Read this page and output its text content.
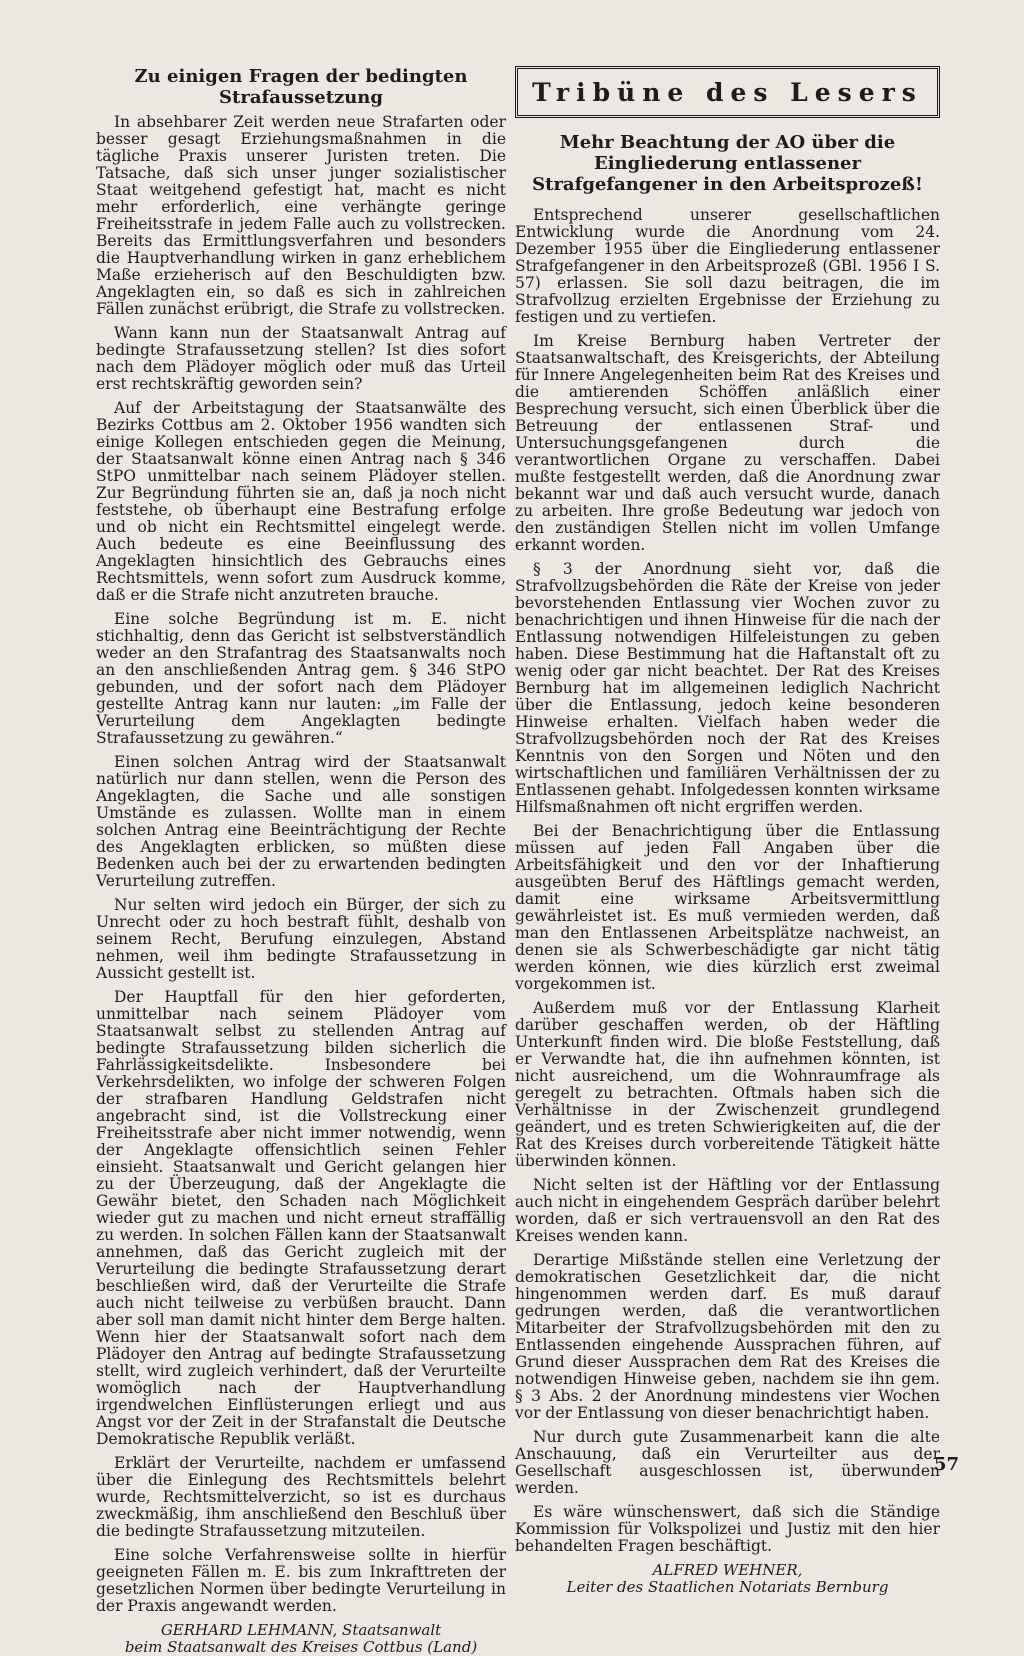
Zu einigen Fragen der bedingten Strafaussetzung

In absehbarer Zeit werden neue Strafarten oder besser gesagt Erziehungsmaßnahmen in die tägliche Praxis unserer Juristen treten. Die Tatsache, daß sich unser junger sozialistischer Staat weitgehend gefestigt hat, macht es nicht mehr erforderlich, eine verhängte geringe Freiheitsstrafe in jedem Falle auch zu vollstrecken. Bereits das Ermittlungsverfahren und besonders die Hauptverhandlung wirken in ganz erheblichem Maße erzieherisch auf den Beschuldigten bzw. Angeklagten ein, so daß es sich in zahlreichen Fällen zunächst erübrigt, die Strafe zu vollstrecken.

Wann kann nun der Staatsanwalt Antrag auf bedingte Strafaussetzung stellen? Ist dies sofort nach dem Plädoyer möglich oder muß das Urteil erst rechtskräftig geworden sein?

Auf der Arbeitstagung der Staatsanwälte des Bezirks Cottbus am 2. Oktober 1956 wandten sich einige Kollegen entschieden gegen die Meinung, der Staatsanwalt könne einen Antrag nach § 346 StPO unmittelbar nach seinem Plädoyer stellen. Zur Begründung führten sie an, daß ja noch nicht feststehe, ob überhaupt eine Bestrafung erfolge und ob nicht ein Rechtsmittel eingelegt werde. Auch bedeute es eine Beeinflussung des Angeklagten hinsichtlich des Gebrauchs eines Rechtsmittels, wenn sofort zum Ausdruck komme, daß er die Strafe nicht anzutreten brauche.

Eine solche Begründung ist m. E. nicht stichhaltig, denn das Gericht ist selbstverständlich weder an den Strafantrag des Staatsanwalts noch an den anschließenden Antrag gem. § 346 StPO gebunden, und der sofort nach dem Plädoyer gestellte Antrag kann nur lauten: „im Falle der Verurteilung dem Angeklagten bedingte Strafaussetzung zu gewähren.“

Einen solchen Antrag wird der Staatsanwalt natürlich nur dann stellen, wenn die Person des Angeklagten, die Sache und alle sonstigen Umstände es zulassen. Wollte man in einem solchen Antrag eine Beeinträchtigung der Rechte des Angeklagten erblicken, so müßten diese Bedenken auch bei der zu erwartenden bedingten Verurteilung zutreffen.

Nur selten wird jedoch ein Bürger, der sich zu Unrecht oder zu hoch bestraft fühlt, deshalb von seinem Recht, Berufung einzulegen, Abstand nehmen, weil ihm bedingte Strafaussetzung in Aussicht gestellt ist.

Der Hauptfall für den hier geforderten, unmittelbar nach seinem Plädoyer vom Staatsanwalt selbst zu stellenden Antrag auf bedingte Strafaussetzung bilden sicherlich die Fahrlässigkeitsdelikte. Insbesondere bei Verkehrsdelikten, wo infolge der schweren Folgen der strafbaren Handlung Geldstrafen nicht angebracht sind, ist die Vollstreckung einer Freiheitsstrafe aber nicht immer notwendig, wenn der Angeklagte offensichtlich seinen Fehler einsieht. Staatsanwalt und Gericht gelangen hier zu der Überzeugung, daß der Angeklagte die Gewähr bietet, den Schaden nach Möglichkeit wieder gut zu machen und nicht erneut straffällig zu werden. In solchen Fällen kann der Staatsanwalt annehmen, daß das Gericht zugleich mit der Verurteilung die bedingte Strafaussetzung derart beschließen wird, daß der Verurteilte die Strafe auch nicht teilweise zu verbüßen braucht. Dann aber soll man damit nicht hinter dem Berge halten. Wenn hier der Staatsanwalt sofort nach dem Plädoyer den Antrag auf bedingte Strafaussetzung stellt, wird zugleich verhindert, daß der Verurteilte womöglich nach der Hauptverhandlung irgendwelchen Einflüsterungen erliegt und aus Angst vor der Zeit in der Strafanstalt die Deutsche Demokratische Republik verläßt.

Erklärt der Verurteilte, nachdem er umfassend über die Einlegung des Rechtsmittels belehrt wurde, Rechtsmittelverzicht, so ist es durchaus zweckmäßig, ihm anschließend den Beschluß über die bedingte Strafaussetzung mitzuteilen.

Eine solche Verfahrensweise sollte in hierfür geeigneten Fällen m. E. bis zum Inkrafttreten der gesetzlichen Normen über bedingte Verurteilung in der Praxis angewandt werden.

GERHARD LEHMANN, Staatsanwalt
beim Staatsanwalt des Kreises Cottbus (Land)
Tribüne des Lesers
Mehr Beachtung der AO über die Eingliederung entlassener Strafgefangener in den Arbeitsprozeß!

Entsprechend unserer gesellschaftlichen Entwicklung wurde die Anordnung vom 24. Dezember 1955 über die Eingliederung entlassener Strafgefangener in den Arbeitsprozeß (GBl. 1956 I S. 57) erlassen. Sie soll dazu beitragen, die im Strafvollzug erzielten Ergebnisse der Erziehung zu festigen und zu vertiefen.

Im Kreise Bernburg haben Vertreter der Staatsanwaltschaft, des Kreisgerichts, der Abteilung für Innere Angelegenheiten beim Rat des Kreises und die amtierenden Schöffen anläßlich einer Besprechung versucht, sich einen Überblick über die Betreuung der entlassenen Straf- und Untersuchungsgefangenen durch die verantwortlichen Organe zu verschaffen. Dabei mußte festgestellt werden, daß die Anordnung zwar bekannt war und daß auch versucht wurde, danach zu arbeiten. Ihre große Bedeutung war jedoch von den zuständigen Stellen nicht im vollen Umfange erkannt worden.

§ 3 der Anordnung sieht vor, daß die Strafvollzugsbehörden die Räte der Kreise von jeder bevorstehenden Entlassung vier Wochen zuvor zu benachrichtigen und ihnen Hinweise für die nach der Entlassung notwendigen Hilfeleistungen zu geben haben. Diese Bestimmung hat die Haftanstalt oft zu wenig oder gar nicht beachtet. Der Rat des Kreises Bernburg hat im allgemeinen lediglich Nachricht über die Entlassung, jedoch keine besonderen Hinweise erhalten. Vielfach haben weder die Strafvollzugsbehörden noch der Rat des Kreises Kenntnis von den Sorgen und Nöten und den wirtschaftlichen und familiären Verhältnissen der zu Entlassenen gehabt. Infolgedessen konnten wirksame Hilfsmaßnahmen oft nicht ergriffen werden.

Bei der Benachrichtigung über die Entlassung müssen auf jeden Fall Angaben über die Arbeitsfähigkeit und den vor der Inhaftierung ausgeübten Beruf des Häftlings gemacht werden, damit eine wirksame Arbeitsvermittlung gewährleistet ist. Es muß vermieden werden, daß man den Entlassenen Arbeitsplätze nachweist, an denen sie als Schwerbeschädigte gar nicht tätig werden können, wie dies kürzlich erst zweimal vorgekommen ist.

Außerdem muß vor der Entlassung Klarheit darüber geschaffen werden, ob der Häftling Unterkunft finden wird. Die bloße Feststellung, daß er Verwandte hat, die ihn aufnehmen könnten, ist nicht ausreichend, um die Wohnraumfrage als geregelt zu betrachten. Oftmals haben sich die Verhältnisse in der Zwischenzeit grundlegend geändert, und es treten Schwierigkeiten auf, die der Rat des Kreises durch vorbereitende Tätigkeit hätte überwinden können.

Nicht selten ist der Häftling vor der Entlassung auch nicht in eingehendem Gespräch darüber belehrt worden, daß er sich vertrauensvoll an den Rat des Kreises wenden kann.

Derartige Mißstände stellen eine Verletzung der demokratischen Gesetzlichkeit dar, die nicht hingenommen werden darf. Es muß darauf gedrungen werden, daß die verantwortlichen Mitarbeiter der Strafvollzugsbehörden mit den zu Entlassenden eingehende Aussprachen führen, auf Grund dieser Aussprachen dem Rat des Kreises die notwendigen Hinweise geben, nachdem sie ihn gem. § 3 Abs. 2 der Anordnung mindestens vier Wochen vor der Entlassung von dieser benachrichtigt haben.

Nur durch gute Zusammenarbeit kann die alte Anschauung, daß ein Verurteilter aus der Gesellschaft ausgeschlossen ist, überwunden werden.

Es wäre wünschenswert, daß sich die Ständige Kommission für Volkspolizei und Justiz mit den hier behandelten Fragen beschäftigt.

ALFRED WEHNER,
Leiter des Staatlichen Notariats Bernburg
57
